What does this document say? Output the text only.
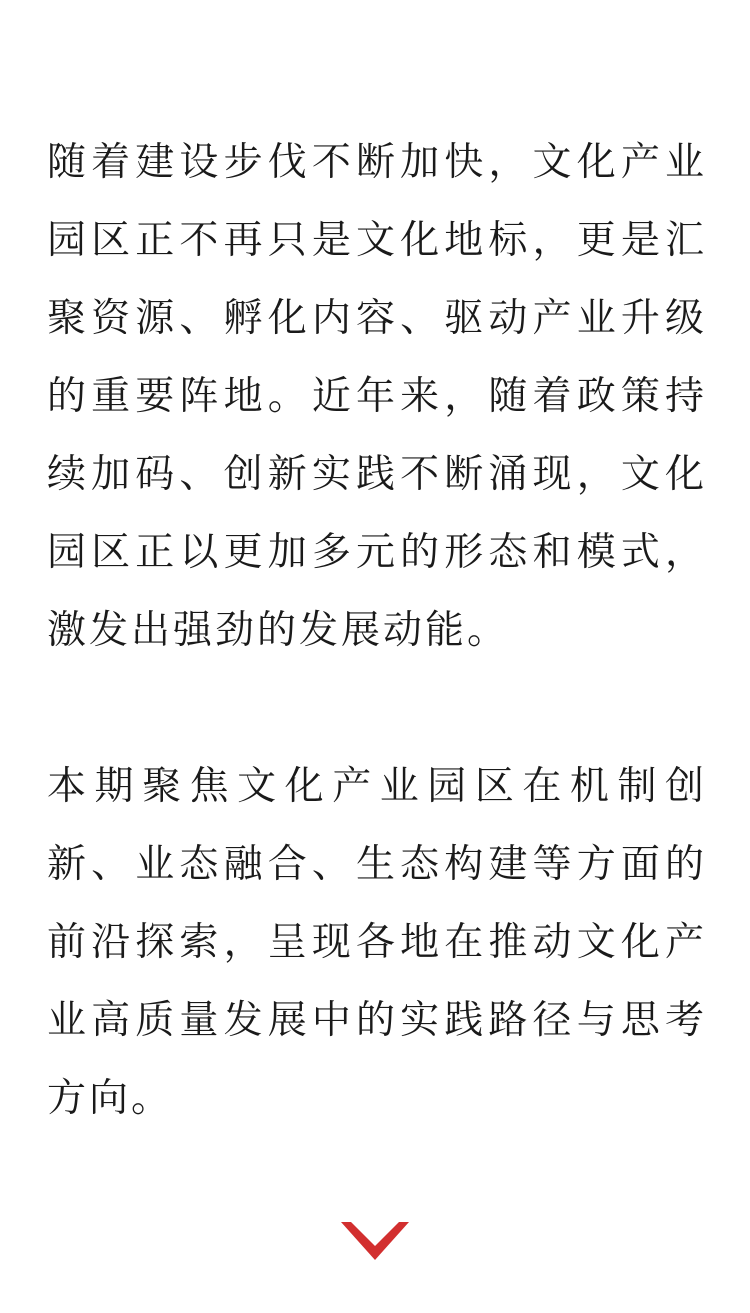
随着建设步伐不断加快，文化产业园区正不再只是文化地标，更是汇聚资源、孵化内容、驱动产业升级的重要阵地。近年来，随着政策持续加码、创新实践不断涌现，文化园区正以更加多元的形态和模式，激发出强劲的发展动能。

本期聚焦文化产业园区在机制创新、业态融合、生态构建等方面的前沿探索，呈现各地在推动文化产业高质量发展中的实践路径与思考方向。
